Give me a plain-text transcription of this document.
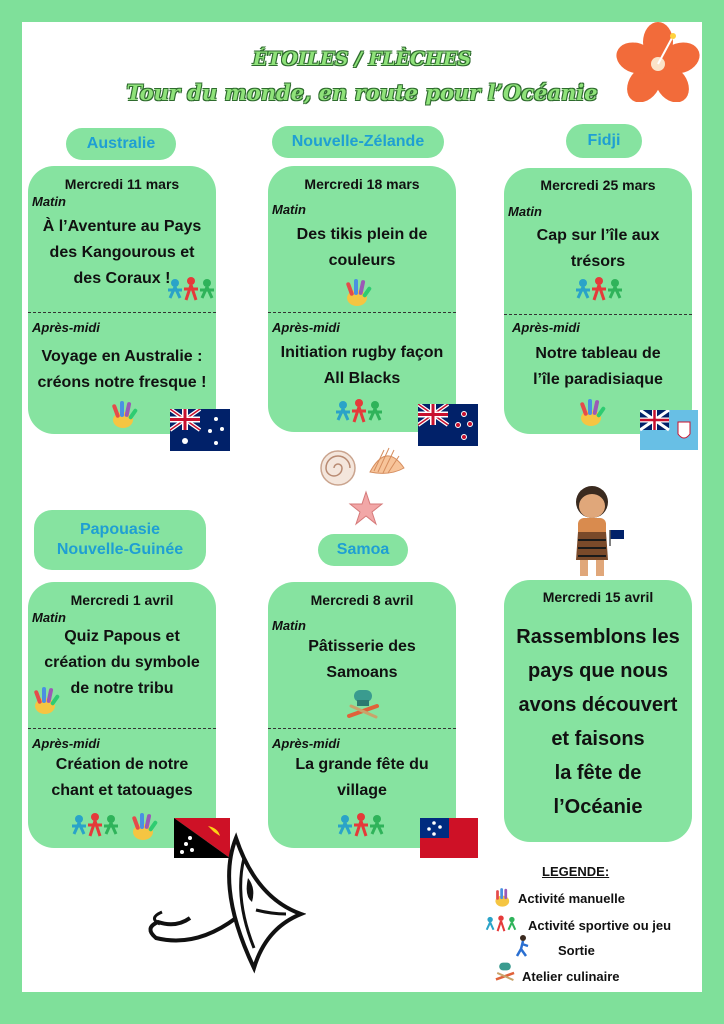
ÉTOILES / FLÈCHES
Tour du monde, en route pour l’Océanie
Australie	Nouvelle-Zélande	Fidji
Papouasie
Nouvelle-Guinée	Samoa
Mercredi 11 mars
Matin
À l’Aventure au Pays
des Kangourous et
des Coraux !
Après-midi
Voyage en Australie :
créons notre fresque !
Mercredi 18 mars
Matin
Des tikis plein de
couleurs
Après-midi
Initiation rugby façon
All Blacks
Mercredi 25 mars
Matin
Cap sur l’île aux
trésors
Après-midi
Notre tableau de
l’île paradisiaque
Mercredi 1 avril
Matin
Quiz Papous et
création du symbole
de notre tribu
Après-midi
Création de notre
chant et tatouages
Mercredi 8 avril
Matin
Pâtisserie des
Samoans
Après-midi
La grande fête du
village
Mercredi 15 avril
Rassemblons les
pays que nous
avons découvert
et faisons
la fête de
l’Océanie
LEGENDE:
Activité manuelle
Activité sportive ou jeu
Sortie
Atelier culinaire
